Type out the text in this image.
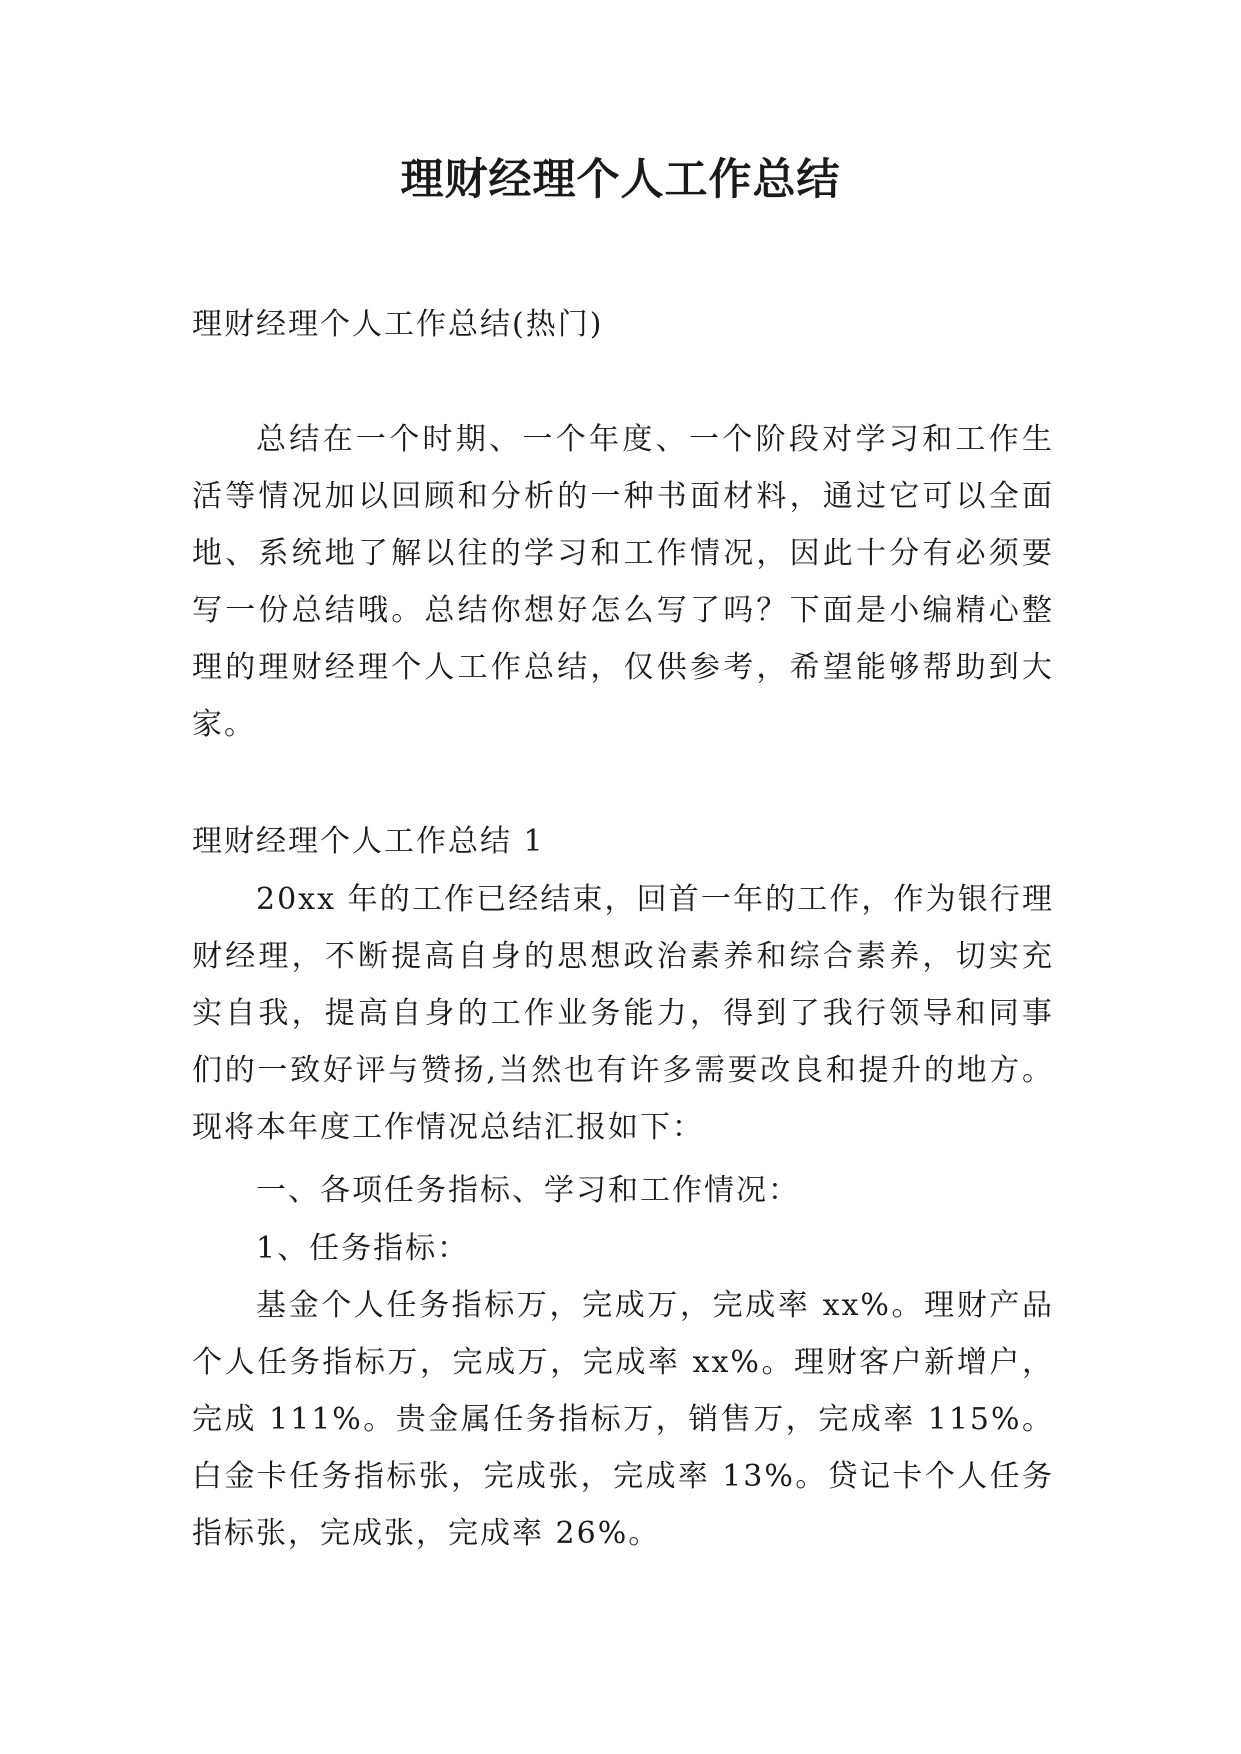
理财经理个人工作总结

理财经理个人工作总结(热门)

总结在一个时期、一个年度、一个阶段对学习和工作生活等情况加以回顾和分析的一种书面材料，通过它可以全面地、系统地了解以往的学习和工作情况，因此十分有必须要写一份总结哦。总结你想好怎么写了吗？下面是小编精心整理的理财经理个人工作总结，仅供参考，希望能够帮助到大家。

理财经理个人工作总结 1

20xx 年的工作已经结束，回首一年的工作，作为银行理财经理，不断提高自身的思想政治素养和综合素养，切实充实自我，提高自身的工作业务能力，得到了我行领导和同事们的一致好评与赞扬,当然也有许多需要改良和提升的地方。现将本年度工作情况总结汇报如下：

一、各项任务指标、学习和工作情况：

1、任务指标：

基金个人任务指标万，完成万，完成率 xx%。理财产品个人任务指标万，完成万，完成率 xx%。理财客户新增户，完成 111%。贵金属任务指标万，销售万，完成率 115%。白金卡任务指标张，完成张，完成率 13%。贷记卡个人任务指标张，完成张，完成率 26%。
